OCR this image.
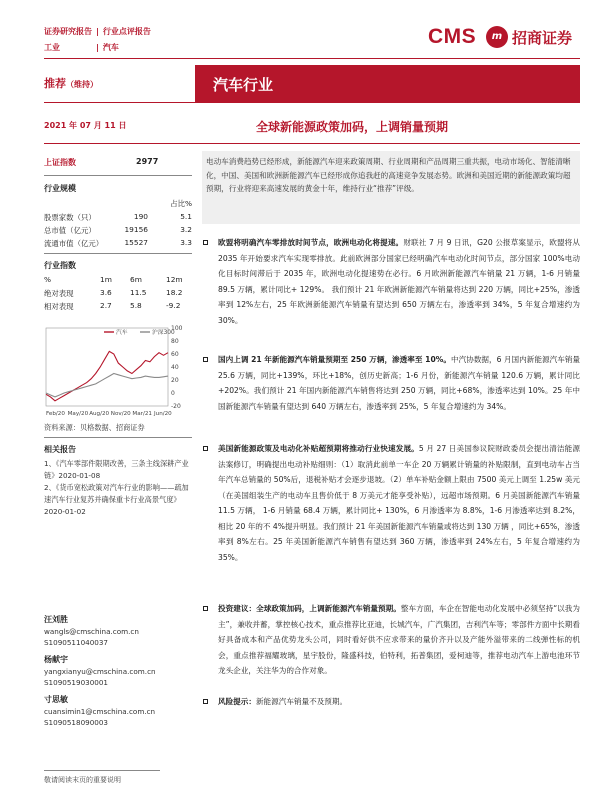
证券研究报告 | 行业点评报告
工业	| 汽车	CMS	m 招商证券
推荐（维持）	汽车行业
2021 年 07 月 11 日	全球新能源政策加码，上调销量预期
上证指数	2977
行业规模
占比%
股票家数（只）	190	5.1
总市值（亿元）	19156	3.2
流通市值（亿元）	15527	3.3
行业指数
%	1m 6m	12m
绝对表现	3.6 11.5	18.2
相对表现	2.7 5.8	-9.2
100
80
60
40
20
0
-20
Feb/20 May/20 Aug/20 Nov/20 Mar/21 Jun/20
汽车	沪深300
资料来源：贝格数据、招商证券
相关报告
1、《汽车零部件限期改善，三条主线深耕产业链》2020-01-08
2、《货币宽松政策对汽车行业的影响——疏加速汽车行业复苏并确保重卡行业高景气度》2020-01-02
汪刘胜
wangls@cmschina.com.cn
S1090511040037
杨献宇
yangxianyu@cmschina.com.cn
S1090519030001
寸思敏
cuansimin1@cmschina.com.cn
S1090518090003
电动车消费趋势已经形成，新能源汽车迎来政策周期、行业周期和产品周期三重共振，电动市场化、智能清晰化，中国、美国和欧洲新能源汽车已经形成你追我赶的高速竞争发展态势。欧洲和美国近期的新能源政策均超预期，行业将迎来高速发展的黄金十年，维持行业“推荐”评级。
欧盟将明确汽车零排放时间节点，欧洲电动化将提速。财联社 7 月 9 日讯，G20 公报草案显示，欧盟将从 2035 年开始要求汽车实现零排放。此前欧洲部分国家已经明确汽车电动化时间节点，部分国家 100%电动化目标时间滞后于 2035 年，欧洲电动化提速势在必行。6 月欧洲新能源汽车销量 21 万辆，1-6 月销量 89.5 万辆，累计同比+ 129%。 我们预计 21 年欧洲新能源汽车销量将达到 220 万辆，同比+25%，渗透率到 12%左右，25 年欧洲新能源汽车销量有望达到 650 万辆左右，渗透率到 34%，5 年复合增速约为 30%。
国内上调 21 年新能源汽车销量预期至 250 万辆，渗透率至 10%。中汽协数据，6 月国内新能源汽车销量 25.6 万辆，同比+139%，环比+18%，创历史新高；1-6 月份，新能源汽车销量 120.6 万辆，累计同比+202%。我们预计 21 年国内新能源汽车销售将达到 250 万辆，同比+68%，渗透率达到 10%。25 年中国新能源汽车销量有望达到 640 万辆左右，渗透率到 25%，5 年复合增速约为 34%。
美国新能源政策及电动化补贴超预期将推动行业快速发展。5 月 27 日美国参议院财政委员会提出清洁能源法案修订，明确提出电动补贴细则：（1）取消此前单一车企 20 万辆累计销量的补贴限制，直到电动车占当年汽车总销量的 50%后，退税补贴才会逐步退坡。（2）单车补贴金额上限由 7500 美元上调至 1.25w 美元（在美国组装生产的电动车且售价低于 8 万美元才能享受补贴），远超市场预期。6 月美国新能源汽车销量 11.5 万辆， 1-6 月销量 68.4 万辆，累计同比+ 130%，6 月渗透率为 8.8%，1-6 月渗透率达到 8.2%，相比 20 年的不 4%提升明显。我们预计 21 年美国新能源汽车销量或将达到 130 万辆 ，同比+65%，渗透率到 8%左右。25 年美国新能源汽车销售有望达到 360 万辆，渗透率到 24%左右，5 年复合增速约为 35%。
投资建议：全球政策加码，上调新能源汽车销量预期。整车方面，车企在智能电动化发展中必须坚持“以我为主”，兼收并蓄，掌控核心技术，重点推荐比亚迪，长城汽车，广汽集团，吉利汽车等；零部件方面中长期看好具备成本和产品优势龙头公司，同时看好供不应求带来的量价齐升以及产能外溢带来的二线弹性标的机会，重点推荐福耀玻璃，星宇股份，隆盛科技，伯特利，拓普集团，爱柯迪等，推荐电动汽车上游电池环节龙头企业，关注华为的合作对象。
风险提示：新能源汽车销量不及预期。
敬请阅读末页的重要说明
